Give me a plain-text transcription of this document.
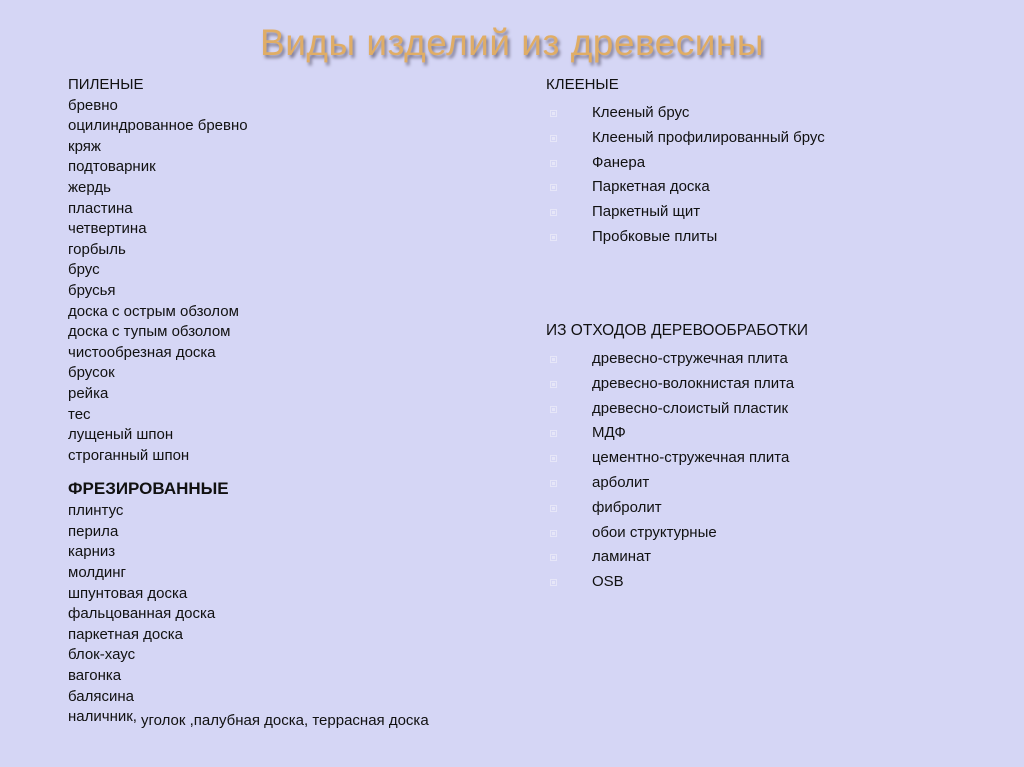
Виды изделий из древесины
ПИЛЕНЫЕ
бревно
оцилиндрованное бревно
кряж
подтоварник
жердь
пластина
четвертина
горбыль
брус
брусья
доска с острым обзолом
доска с тупым обзолом
чистообрезная доска
брусок
рейка
тес
лущеный шпон
строганный шпон
ФРЕЗИРОВАННЫЕ
плинтус
перила
карниз
молдинг
шпунтовая доска
фальцованная доска
паркетная доска
блок-хаус
вагонка
балясина
наличник, уголок ,палубная доска, террасная доска
КЛЕЕНЫЕ
Клееный брус
Клееный профилированный брус
Фанера
Паркетная доска
Паркетный щит
Пробковые плиты
ИЗ ОТХОДОВ ДЕРЕВООБРАБОТКИ
древесно-стружечная плита
древесно-волокнистая плита
древесно-слоистый пластик
МДФ
цементно-стружечная плита
арболит
фибролит
обои структурные
ламинат
OSB
